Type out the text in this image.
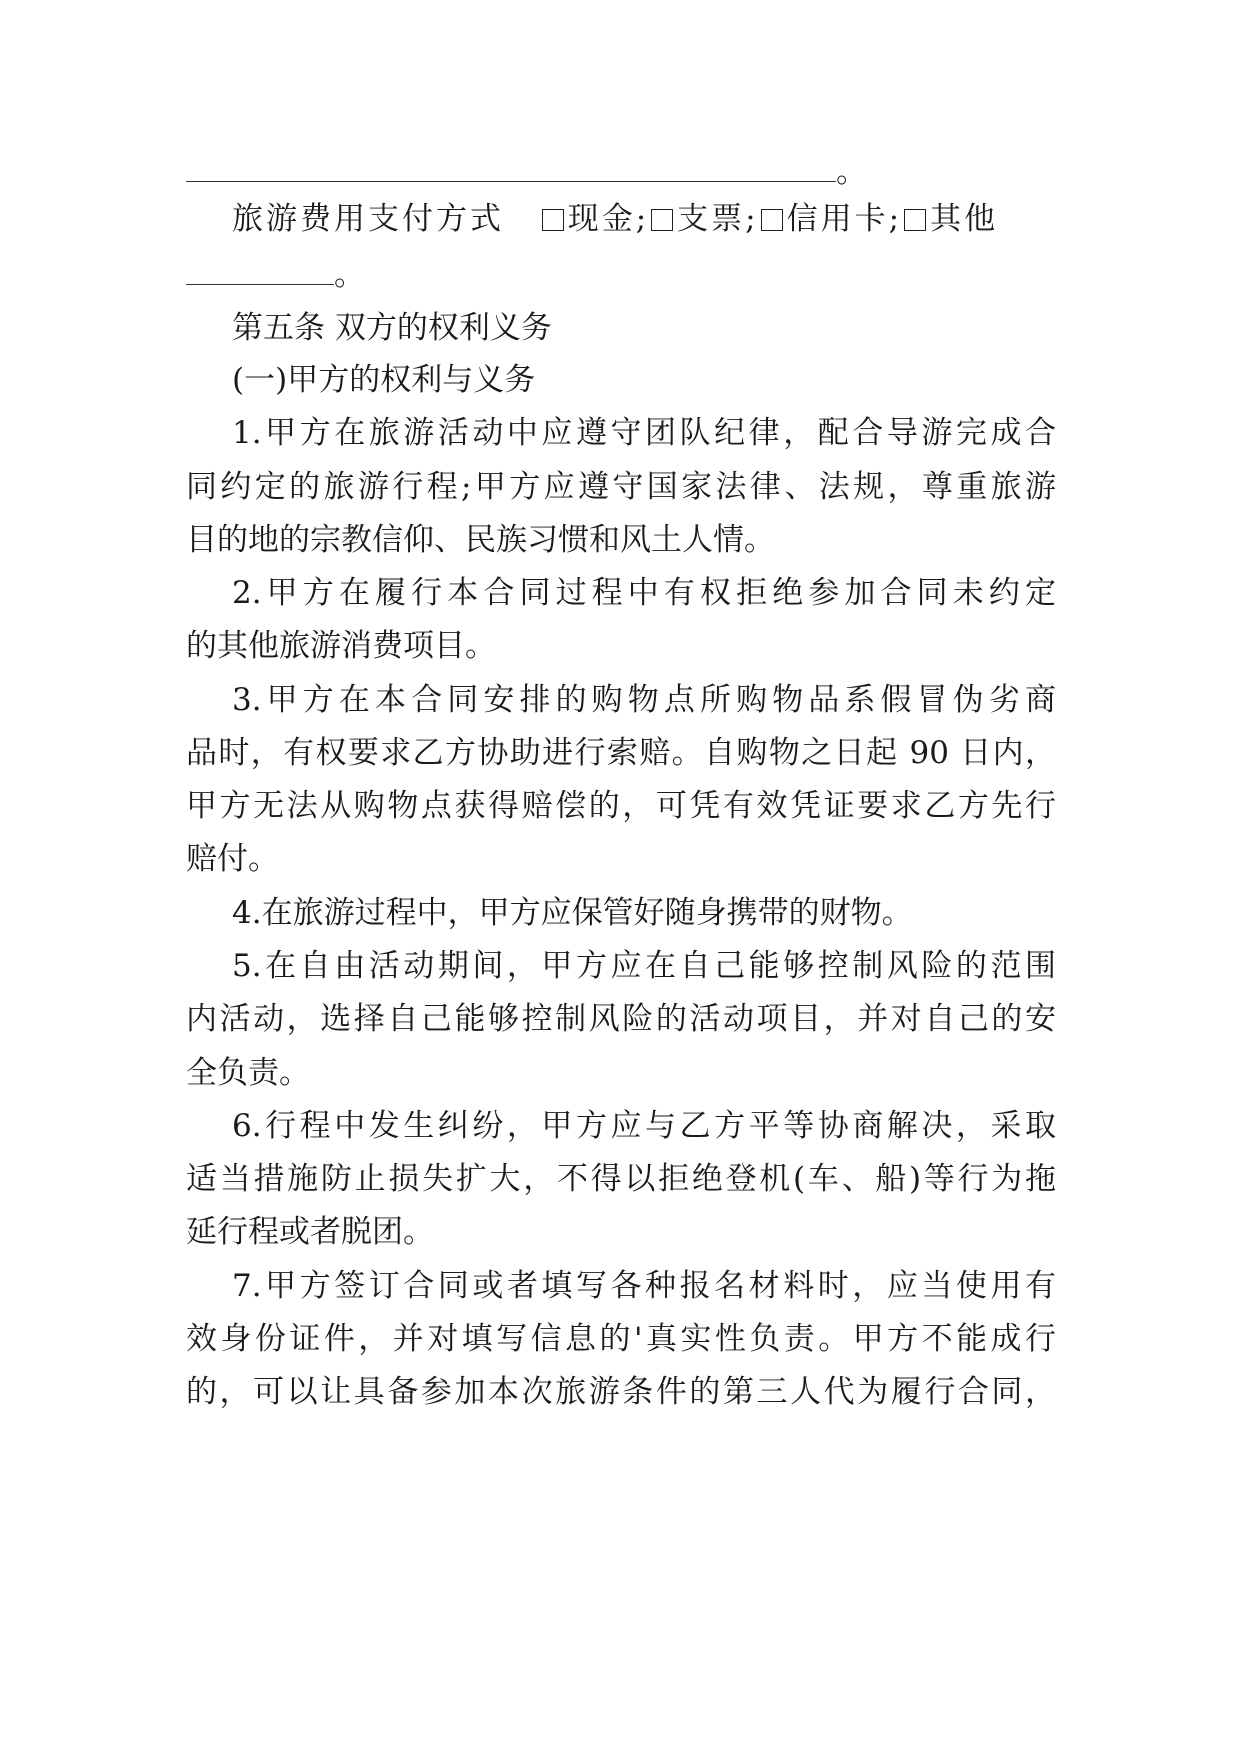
。
旅游费用支付方式 现金; 支票; 信用卡; 其他
。
第五条 双方的权利义务
(一)甲方的权利与义务
1.甲方在旅游活动中应遵守团队纪律，配合导游完成合
同约定的旅游行程;甲方应遵守国家法律、法规，尊重旅游
目的地的宗教信仰、民族习惯和风土人情。
2.甲方在履行本合同过程中有权拒绝参加合同未约定
的其他旅游消费项目。
3.甲方在本合同安排的购物点所购物品系假冒伪劣商
品时，有权要求乙方协助进行索赔。自购物之日起 90 日内，
甲方无法从购物点获得赔偿的，可凭有效凭证要求乙方先行
赔付。
4.在旅游过程中，甲方应保管好随身携带的财物。
5.在自由活动期间，甲方应在自己能够控制风险的范围
内活动，选择自己能够控制风险的活动项目，并对自己的安
全负责。
6.行程中发生纠纷，甲方应与乙方平等协商解决，采取
适当措施防止损失扩大，不得以拒绝登机(车、船)等行为拖
延行程或者脱团。
7.甲方签订合同或者填写各种报名材料时，应当使用有
效身份证件，并对填写信息的'真实性负责。甲方不能成行
的，可以让具备参加本次旅游条件的第三人代为履行合同，
